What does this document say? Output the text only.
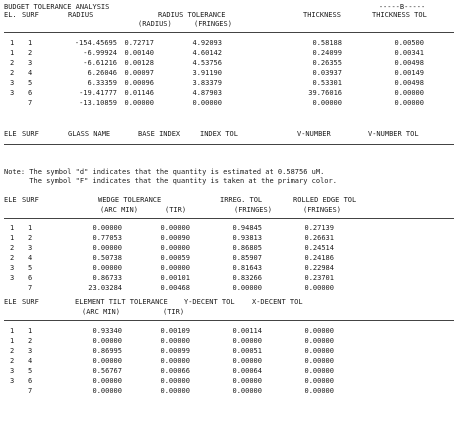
BUDGET TOLERANCE ANALYSIS	-----B-----
EL. SURF	RADIUS	RADIUS TOLERANCE	THICKNESS	THICKNESS TOL
(RADIUS)	(FRINGES)
1 1	-154.45695 0.72717	4.92093	0.58188	0.00500
1 2	-6.99924 0.00140	4.60142	0.24099	0.00341
2 3	-6.61216 0.00128	4.53756	0.26355	0.00498
2 4	6.26046 0.00097	3.91190	0.03937	0.00149
3 5	6.33359 0.00096	3.83379	0.53301	0.00498
3 6	-19.41777 0.01146	4.87903	39.76016	0.00000
7	-13.10859 0.00000	0.00000	0.00000	0.00000
ELE SURF	GLASS NAME	BASE INDEX	INDEX TOL	V-NUMBER	V-NUMBER TOL
Note: The symbol "d" indicates that the quantity is estimated at 0.58756 uM.
The symbol "F" indicates that the quantity is taken at the primary color.
ELE SURF	WEDGE TOLERANCE	IRREG. TOL	ROLLED EDGE TOL
(ARC MIN)	(TIR)	(FRINGES)	(FRINGES)
1 1	0.00000	0.00000	0.94845	0.27139
1 2	0.77053	0.00090	0.93813	0.26631
2 3	0.00000	0.00000	0.86805	0.24514
2 4	0.50738	0.00059	0.85907	0.24186
3 5	0.00000	0.00000	0.81643	0.22984
3 6	0.86733	0.00101	0.83266	0.23701
7	23.03284	0.00468	0.00000	0.00000
ELE SURF	ELEMENT TILT TOLERANCE Y-DECENT TOL X-DECENT TOL
(ARC MIN)	(TIR)
1 1	0.93340	0.00109	0.00114	0.00000
1 2	0.00000	0.00000	0.00000	0.00000
2 3	0.86995	0.00099	0.00051	0.00000
2 4	0.00000	0.00000	0.00000	0.00000
3 5	0.56767	0.00066	0.00064	0.00000
3 6	0.00000	0.00000	0.00000	0.00000
7	0.00000	0.00000	0.00000	0.00000
